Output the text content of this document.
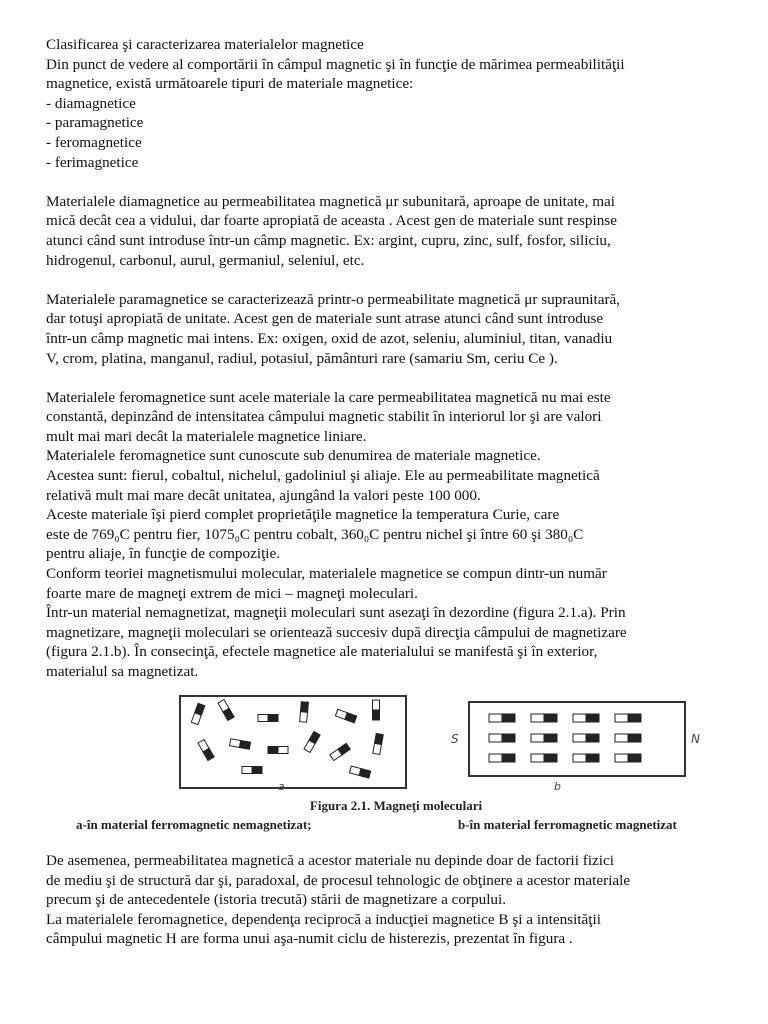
Clasificarea şi caracterizarea materialelor magnetice

Din punct de vedere al comportării în câmpul magnetic şi în funcţie de mărimea permeabilităţii

magnetice, există următoarele tipuri de materiale magnetice:

- diamagnetice

- paramagnetice

- feromagnetice

- ferimagnetice

Materialele diamagnetice au permeabilitatea magnetică μr subunitară, aproape de unitate, mai

mică decât cea a vidului, dar foarte apropiată de aceasta . Acest gen de materiale sunt respinse

atunci când sunt introduse într-un câmp magnetic. Ex: argint, cupru, zinc, sulf, fosfor, siliciu,

hidrogenul, carbonul, aurul, germaniul, seleniul, etc.

Materialele paramagnetice se caracterizează printr-o permeabilitate magnetică μr supraunitară,

dar totuşi apropiată de unitate. Acest gen de materiale sunt atrase atunci când sunt introduse

într-un câmp magnetic mai intens. Ex: oxigen, oxid de azot, seleniu, aluminiul, titan, vanadiu

V, crom, platina, manganul, radiul, potasiul, pământuri rare (samariu Sm, ceriu Ce ).

Materialele feromagnetice sunt acele materiale la care permeabilitatea magnetică nu mai este

constantă, depinzând de intensitatea câmpului magnetic stabilit în interiorul lor şi are valori

mult mai mari decât la materialele magnetice liniare.

Materialele feromagnetice sunt cunoscute sub denumirea de materiale magnetice.

Acestea sunt: fierul, cobaltul, nichelul, gadoliniul şi aliaje. Ele au permeabilitate magnetică

relativă mult mai mare decât unitatea, ajungând la valori peste 100 000.

Aceste materiale îşi pierd complet proprietăţile magnetice la temperatura Curie, care

este de 769₀C pentru fier, 1075₀C pentru cobalt, 360₀C pentru nichel şi între 60 şi 380₀C

pentru aliaje, în funcţie de compoziţie.

Conform teoriei magnetismului molecular, materialele magnetice se compun dintr-un număr

foarte mare de magneţi extrem de mici – magneţi moleculari.

Într-un material nemagnetizat, magneţii moleculari sunt asezaţi în dezordine (figura 2.1.a). Prin

magnetizare, magneţii moleculari se orientează succesiv după direcţia câmpului de magnetizare

(figura 2.1.b). În consecinţă, efectele magnetice ale materialului se manifestă şi în exterior,

materialul sa magnetizat.

a
S	N
b
Figura 2.1. Magneţi moleculari
a-în material ferromagnetic nemagnetizat;	b-în material ferromagnetic magnetizat

De asemenea, permeabilitatea magnetică a acestor materiale nu depinde doar de factorii fizici

de mediu şi de structură dar şi, paradoxal, de procesul tehnologic de obţinere a acestor materiale

precum şi de antecedentele (istoria trecută) stării de magnetizare a corpului.

La materialele feromagnetice, dependenţa reciprocă a inducţiei magnetice B şi a intensităţii

câmpului magnetic H are forma unui aşa-numit ciclu de histerezis, prezentat în figura .
